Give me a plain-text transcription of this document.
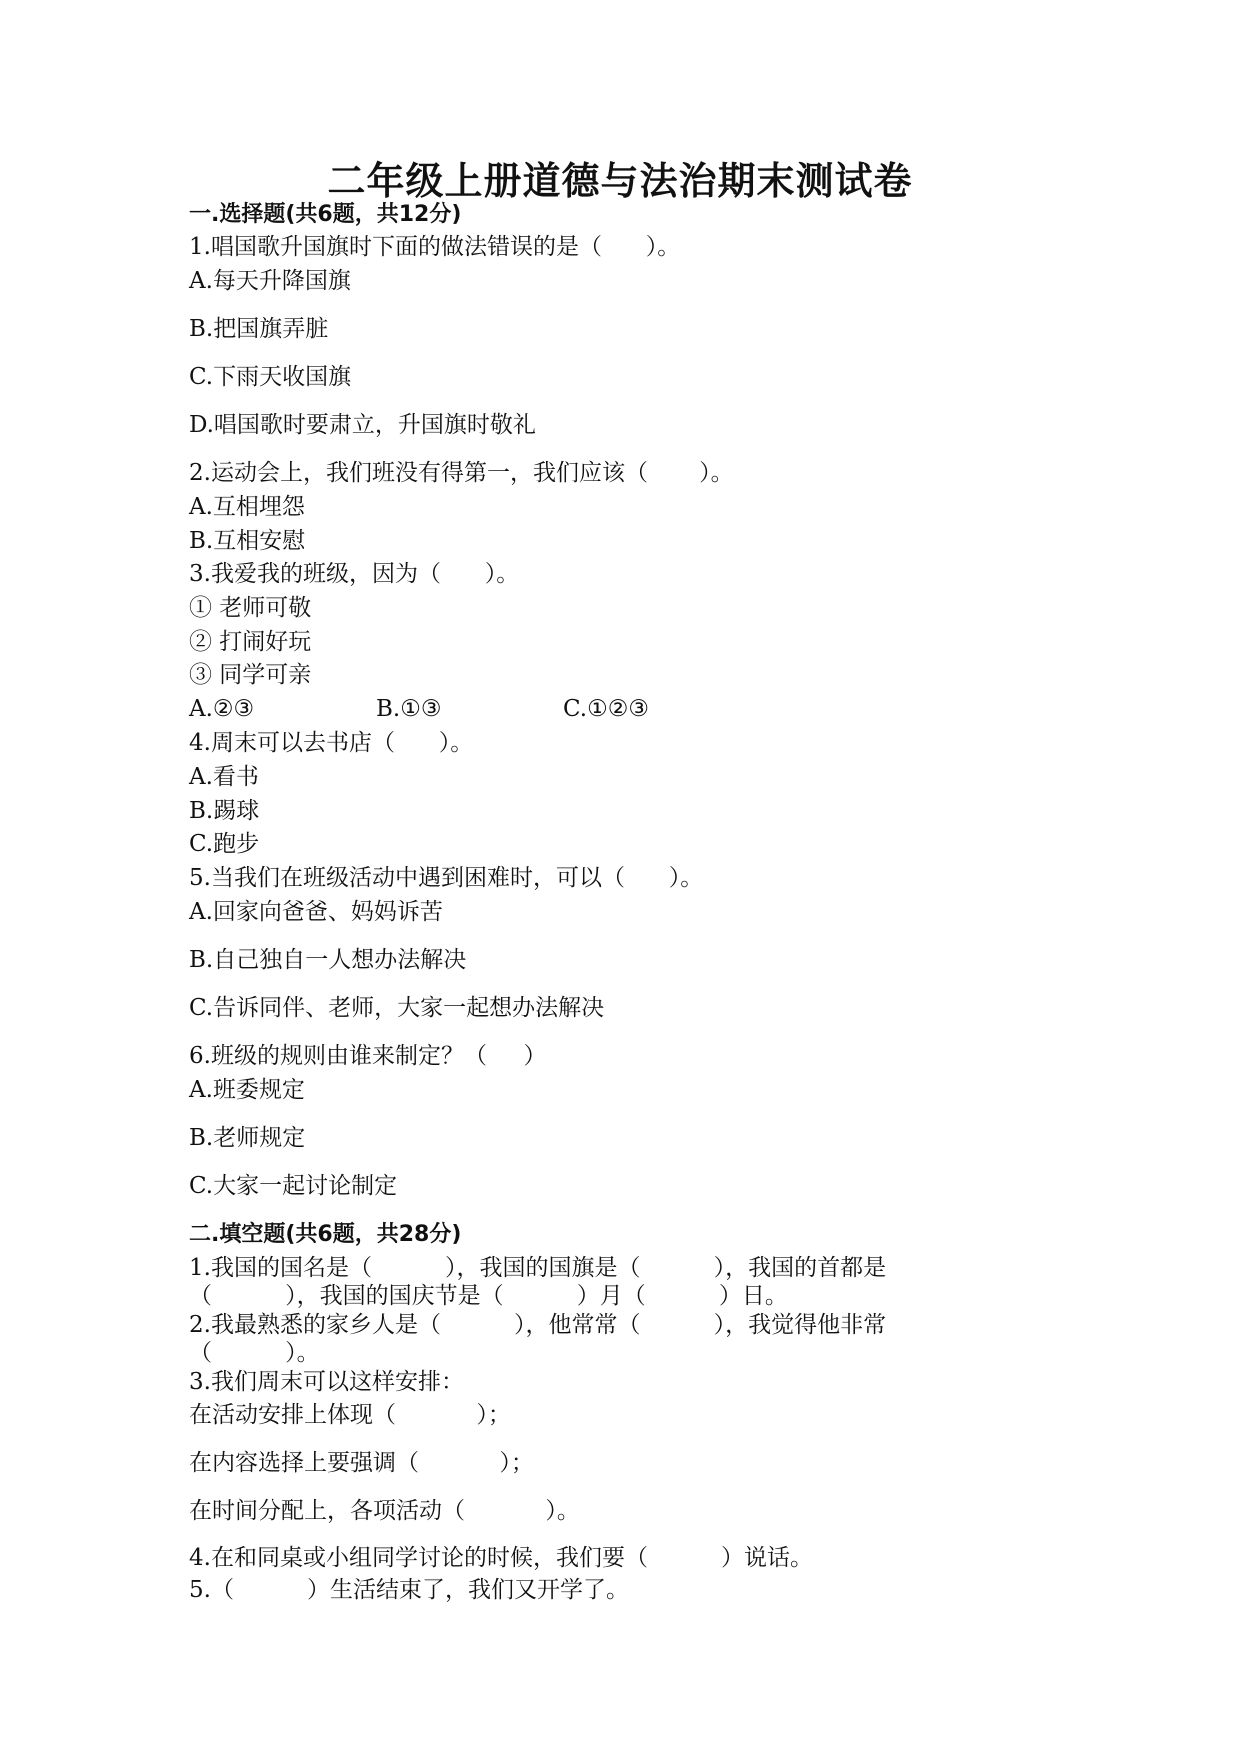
二年级上册道德与法治期末测试卷
一.选择题(共6题，共12分)
1.唱国歌升国旗时下面的做法错误的是（      ）。
A.每天升降国旗
B.把国旗弄脏
C.下雨天收国旗
D.唱国歌时要肃立，升国旗时敬礼
2.运动会上，我们班没有得第一，我们应该（       ）。
A.互相埋怨
B.互相安慰
3.我爱我的班级，因为（      ）。
① 老师可敬
② 打闹好玩
③ 同学可亲
A.②③	B.①③	C.①②③
4.周末可以去书店（      ）。
A.看书
B.踢球
C.跑步
5.当我们在班级活动中遇到困难时，可以（      ）。
A.回家向爸爸、妈妈诉苦
B.自己独自一人想办法解决
C.告诉同伴、老师，大家一起想办法解决
6.班级的规则由谁来制定？（     ）
A.班委规定
B.老师规定
C.大家一起讨论制定
二.填空题(共6题，共28分)
1.我国的国名是（          ），我国的国旗是（          ），我国的首都是
（          ），我国的国庆节是（          ）月（          ）日。
2.我最熟悉的家乡人是（          ），他常常（          ），我觉得他非常
（          ）。
3.我们周末可以这样安排：
在活动安排上体现（           ）；
在内容选择上要强调（           ）；
在时间分配上，各项活动（           ）。
4.在和同桌或小组同学讨论的时候，我们要（          ）说话。
5.（          ）生活结束了，我们又开学了。
